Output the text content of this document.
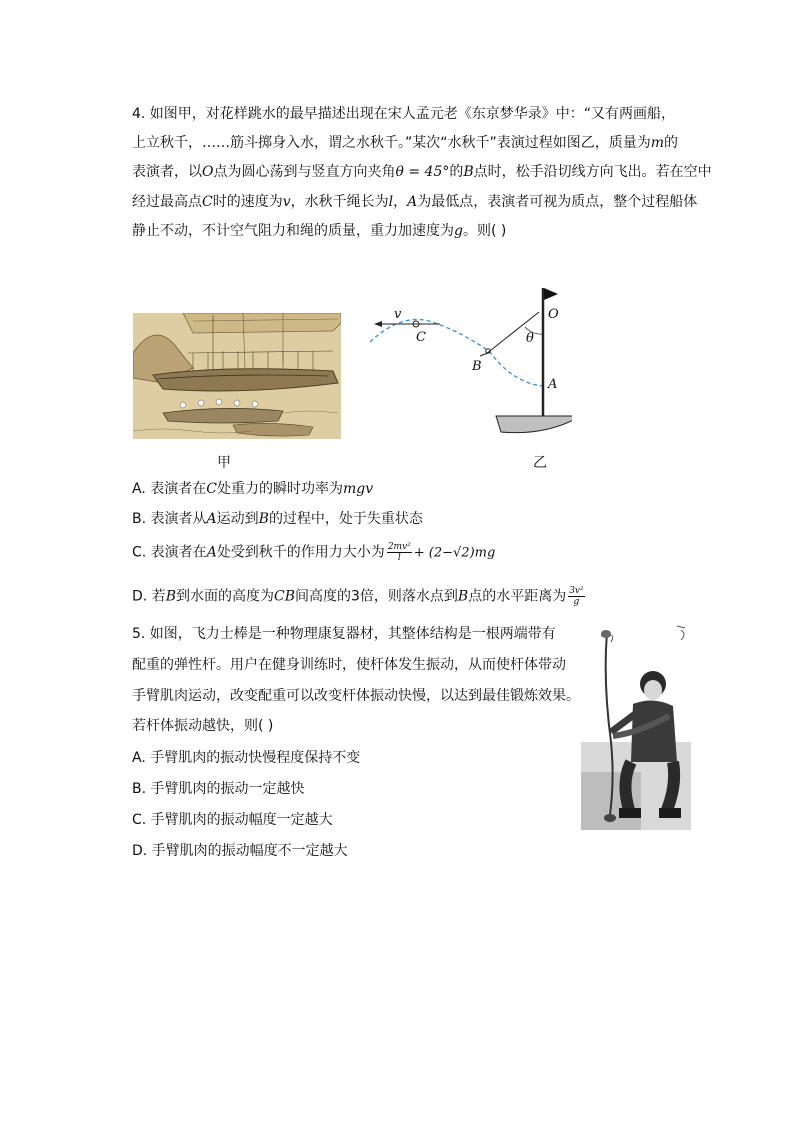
4. 如图甲，对花样跳水的最早描述出现在宋人孟元老《东京梦华录》中：“又有两画船，
上立秋千，……筋斗掷身入水，谓之水秋千。”某次“水秋千”表演过程如图乙，质量为m的
表演者，以O点为圆心荡到与竖直方向夹角θ = 45°的B点时，松手沿切线方向飞出。若在空中
经过最高点C时的速度为v，水秋千绳长为l，A为最低点，表演者可视为质点，整个过程船体
静止不动，不计空气阻力和绳的质量，重力加速度为g。则( )
甲
v
C
O
θ
B
A
乙
A. 表演者在C处重力的瞬时功率为mgv
B. 表演者从A运动到B的过程中，处于失重状态
C. 表演者在A处受到秋千的作用力大小为 $\frac{\text{2mv²}}{l} + (2-√2)mg$
D. 若B到水面的高度为CB间高度的3倍，则落水点到B点的水平距离为 $\frac{\text{3v²}}{g}$
5. 如图，飞力士棒是一种物理康复器材，其整体结构是一根两端带有
配重的弹性杆。用户在健身训练时，使杆体发生振动，从而使杆体带动
手臂肌肉运动，改变配重可以改变杆体振动快慢，以达到最佳锻炼效果。
若杆体振动越快，则( )
A. 手臂肌肉的振动快慢程度保持不变
B. 手臂肌肉的振动一定越快
C. 手臂肌肉的振动幅度一定越大
D. 手臂肌肉的振动幅度不一定越大
